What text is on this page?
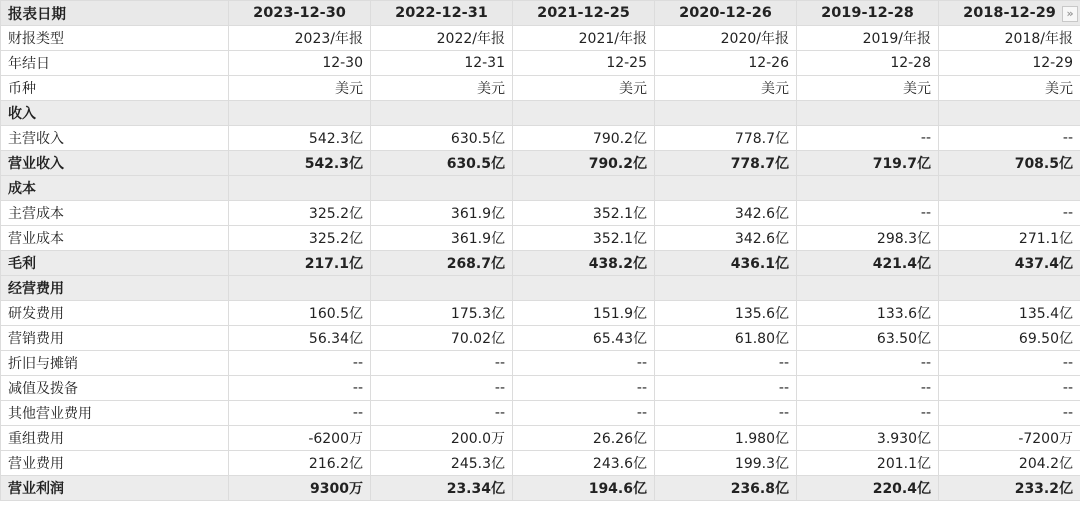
报表日期	2023-12-30	2022-12-31	2021-12-25	2020-12-26	2019-12-28	2018-12-29 »

财报类型	2023/年报	2022/年报	2021/年报	2020/年报	2019/年报	2018/年报
年结日	12-30	12-31	12-25	12-26	12-28	12-29
币种	美元	美元	美元	美元	美元	美元
收入						
主营收入	542.3亿	630.5亿	790.2亿	778.7亿	--	--
营业收入	542.3亿	630.5亿	790.2亿	778.7亿	719.7亿	708.5亿
成本						
主营成本	325.2亿	361.9亿	352.1亿	342.6亿	--	--
营业成本	325.2亿	361.9亿	352.1亿	342.6亿	298.3亿	271.1亿
毛利	217.1亿	268.7亿	438.2亿	436.1亿	421.4亿	437.4亿
经营费用						
研发费用	160.5亿	175.3亿	151.9亿	135.6亿	133.6亿	135.4亿
营销费用	56.34亿	70.02亿	65.43亿	61.80亿	63.50亿	69.50亿
折旧与摊销	--	--	--	--	--	--
减值及拨备	--	--	--	--	--	--
其他营业费用	--	--	--	--	--	--
重组费用	-6200万	200.0万	26.26亿	1.980亿	3.930亿	-7200万
营业费用	216.2亿	245.3亿	243.6亿	199.3亿	201.1亿	204.2亿
营业利润	9300万	23.34亿	194.6亿	236.8亿	220.4亿	233.2亿
